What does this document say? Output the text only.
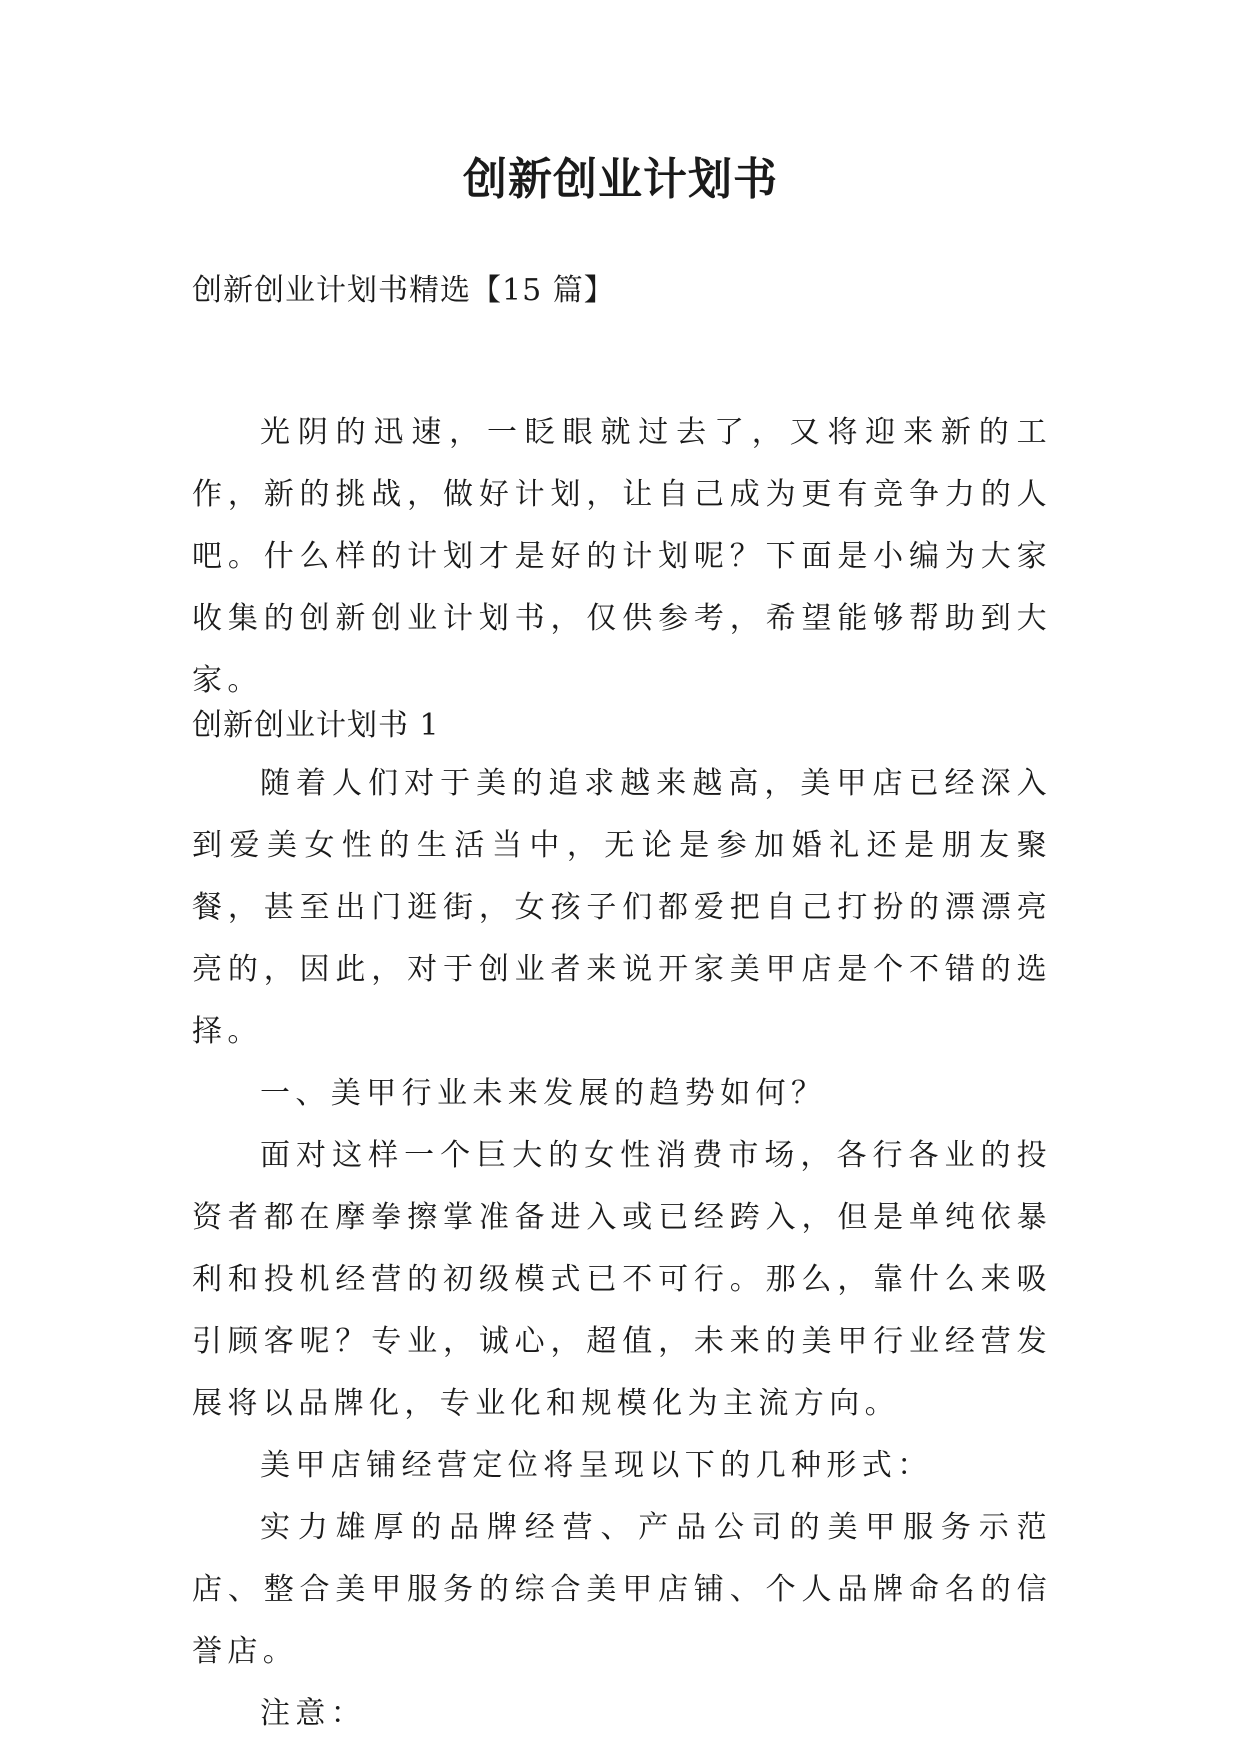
创新创业计划书

创新创业计划书精选【15 篇】

光阴的迅速，一眨眼就过去了，又将迎来新的工作，新的挑战，做好计划，让自己成为更有竞争力的人吧。什么样的计划才是好的计划呢？下面是小编为大家收集的创新创业计划书，仅供参考，希望能够帮助到大家。

创新创业计划书 1

随着人们对于美的追求越来越高，美甲店已经深入到爱美女性的生活当中，无论是参加婚礼还是朋友聚餐，甚至出门逛街，女孩子们都爱把自己打扮的漂漂亮亮的，因此，对于创业者来说开家美甲店是个不错的选择。

一、美甲行业未来发展的趋势如何？

面对这样一个巨大的女性消费市场，各行各业的投资者都在摩拳擦掌准备进入或已经跨入，但是单纯依暴利和投机经营的初级模式已不可行。那么，靠什么来吸引顾客呢？专业，诚心，超值，未来的美甲行业经营发展将以品牌化，专业化和规模化为主流方向。

美甲店铺经营定位将呈现以下的几种形式：

实力雄厚的品牌经营、产品公司的美甲服务示范店、整合美甲服务的综合美甲店铺、个人品牌命名的信誉店。

注意：
